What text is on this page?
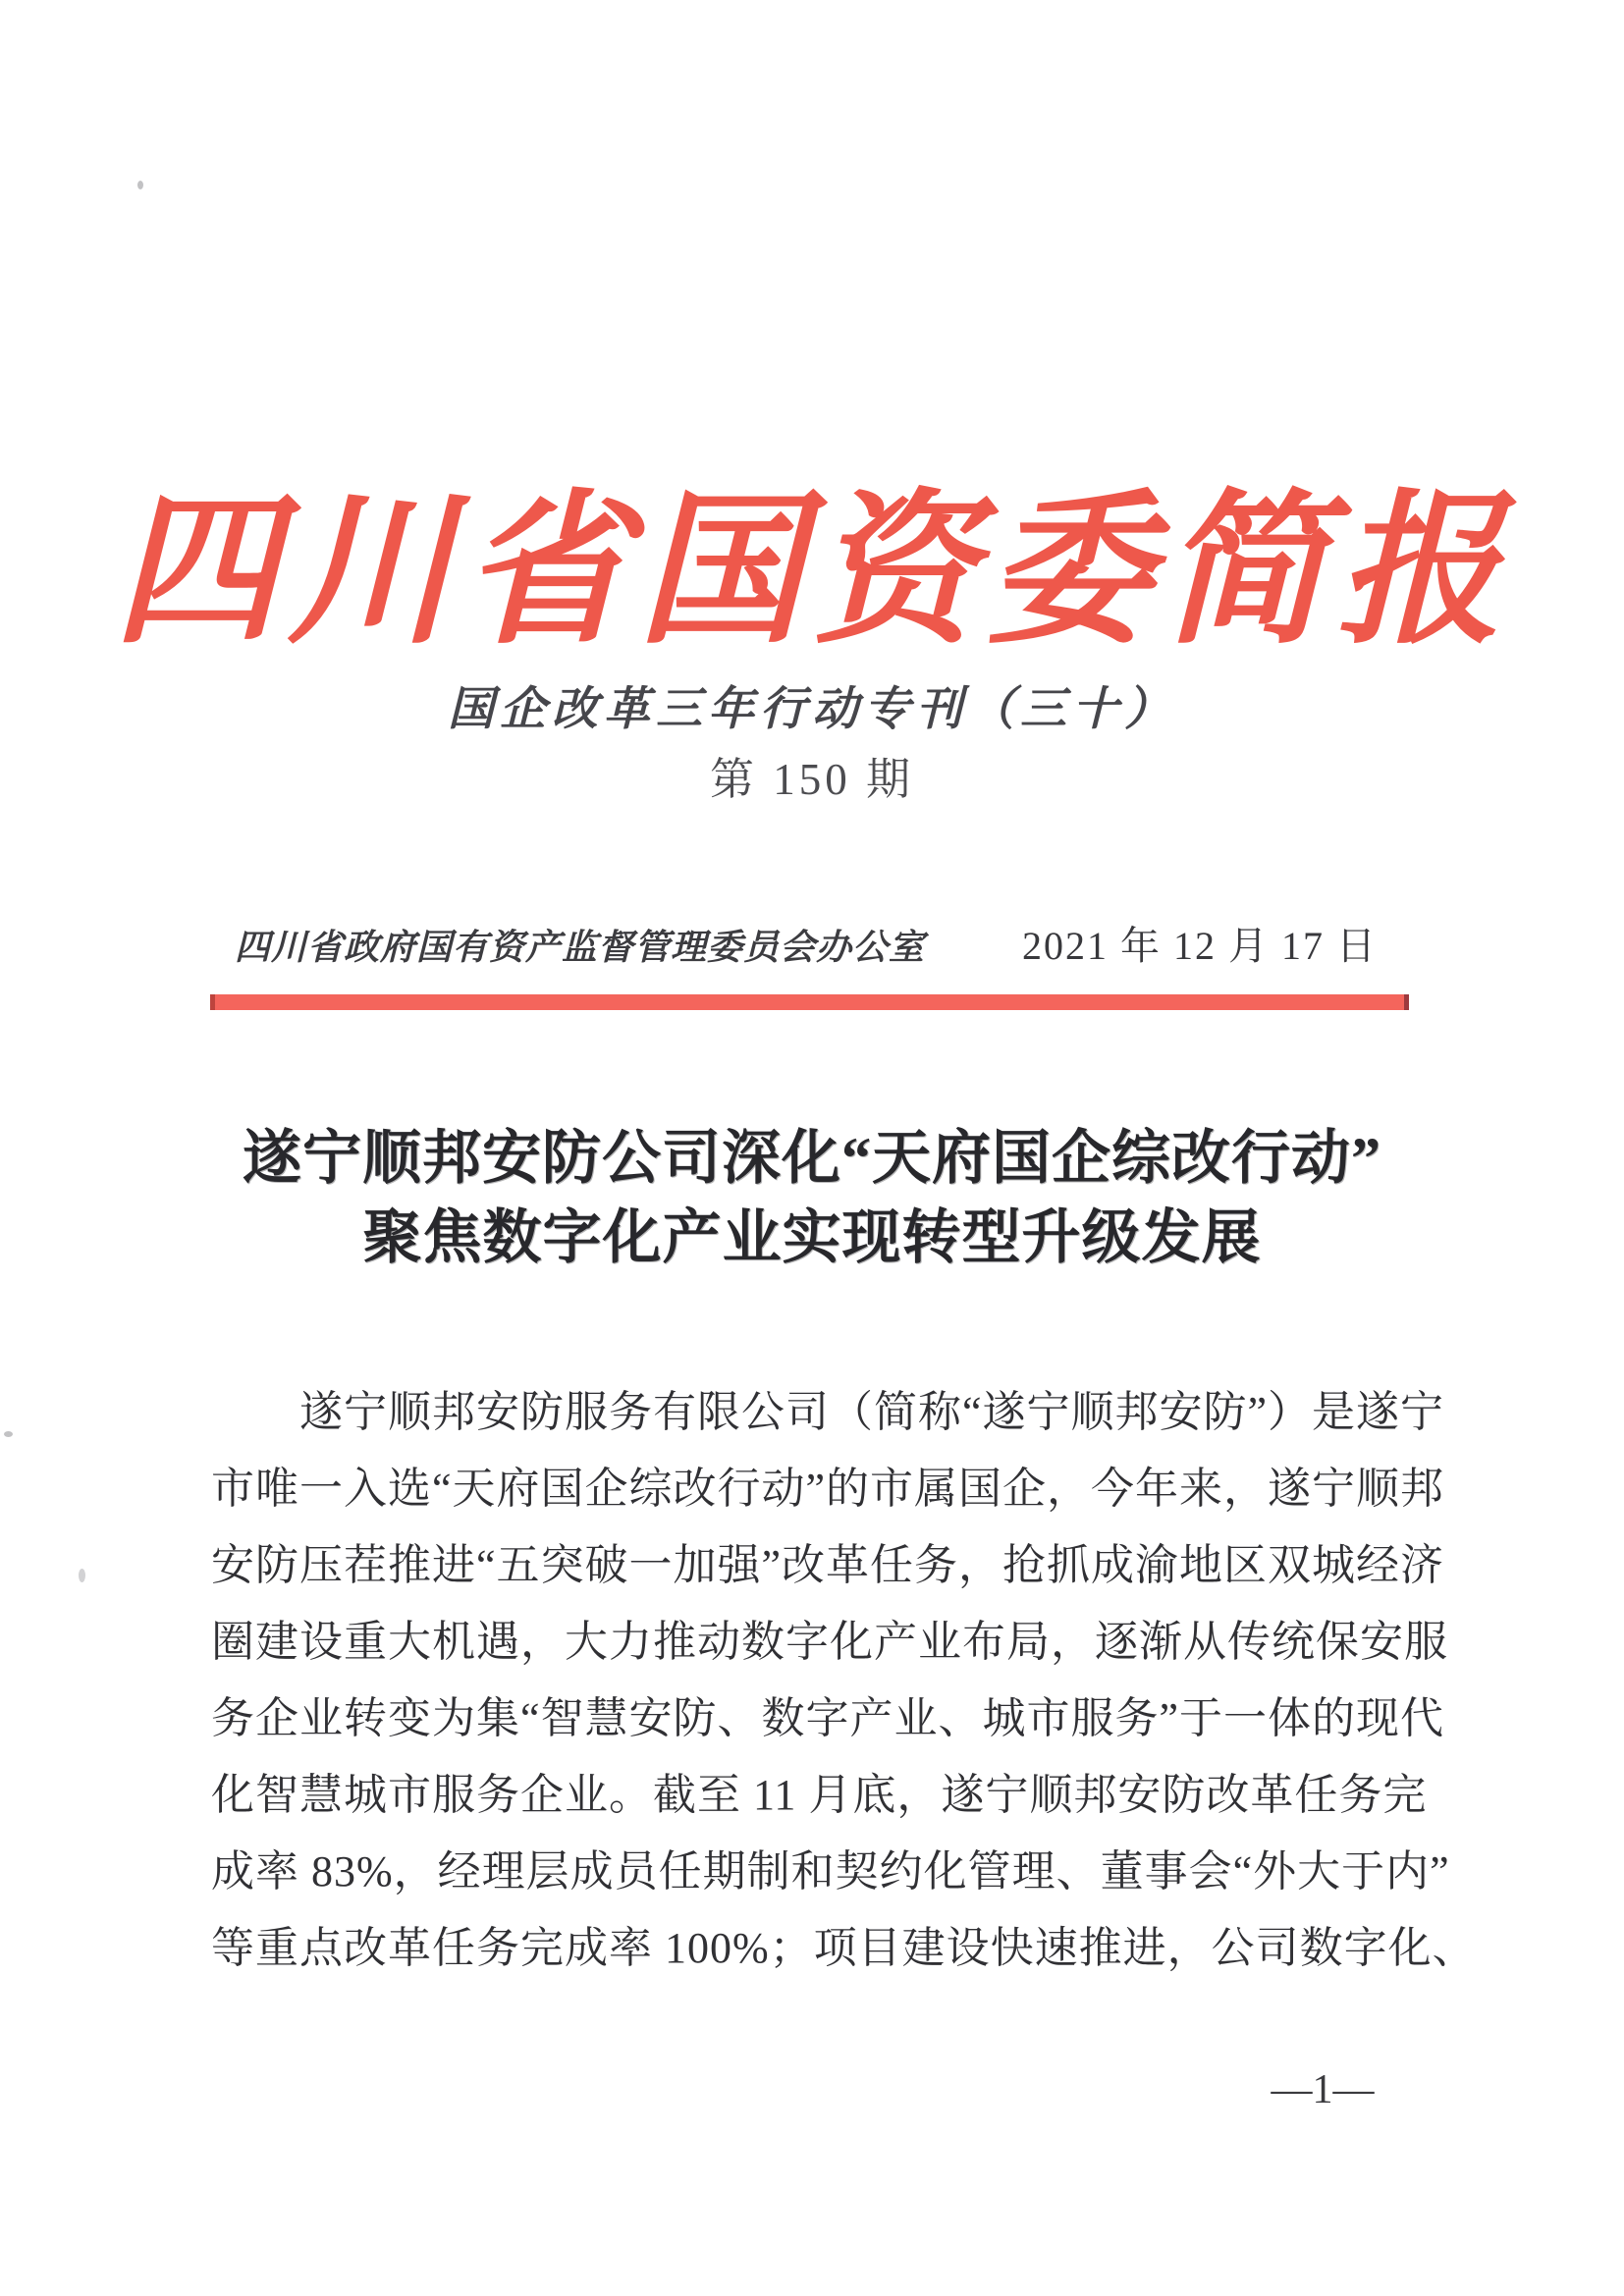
四川省国资委简报
国企改革三年行动专刊（三十）
第 150 期
四川省政府国有资产监督管理委员会办公室 2021 年 12 月 17 日
遂宁顺邦安防公司深化“天府国企综改行动”
聚焦数字化产业实现转型升级发展
遂宁顺邦安防服务有限公司（简称“遂宁顺邦安防”）是遂宁
市唯一入选“天府国企综改行动”的市属国企，今年来，遂宁顺邦
安防压茬推进“五突破一加强”改革任务，抢抓成渝地区双城经济
圈建设重大机遇，大力推动数字化产业布局，逐渐从传统保安服
务企业转变为集“智慧安防、数字产业、城市服务”于一体的现代
化智慧城市服务企业。截至 11 月底，遂宁顺邦安防改革任务完
成率 83%，经理层成员任期制和契约化管理、董事会“外大于内”
等重点改革任务完成率 100%；项目建设快速推进，公司数字化、
—1—
